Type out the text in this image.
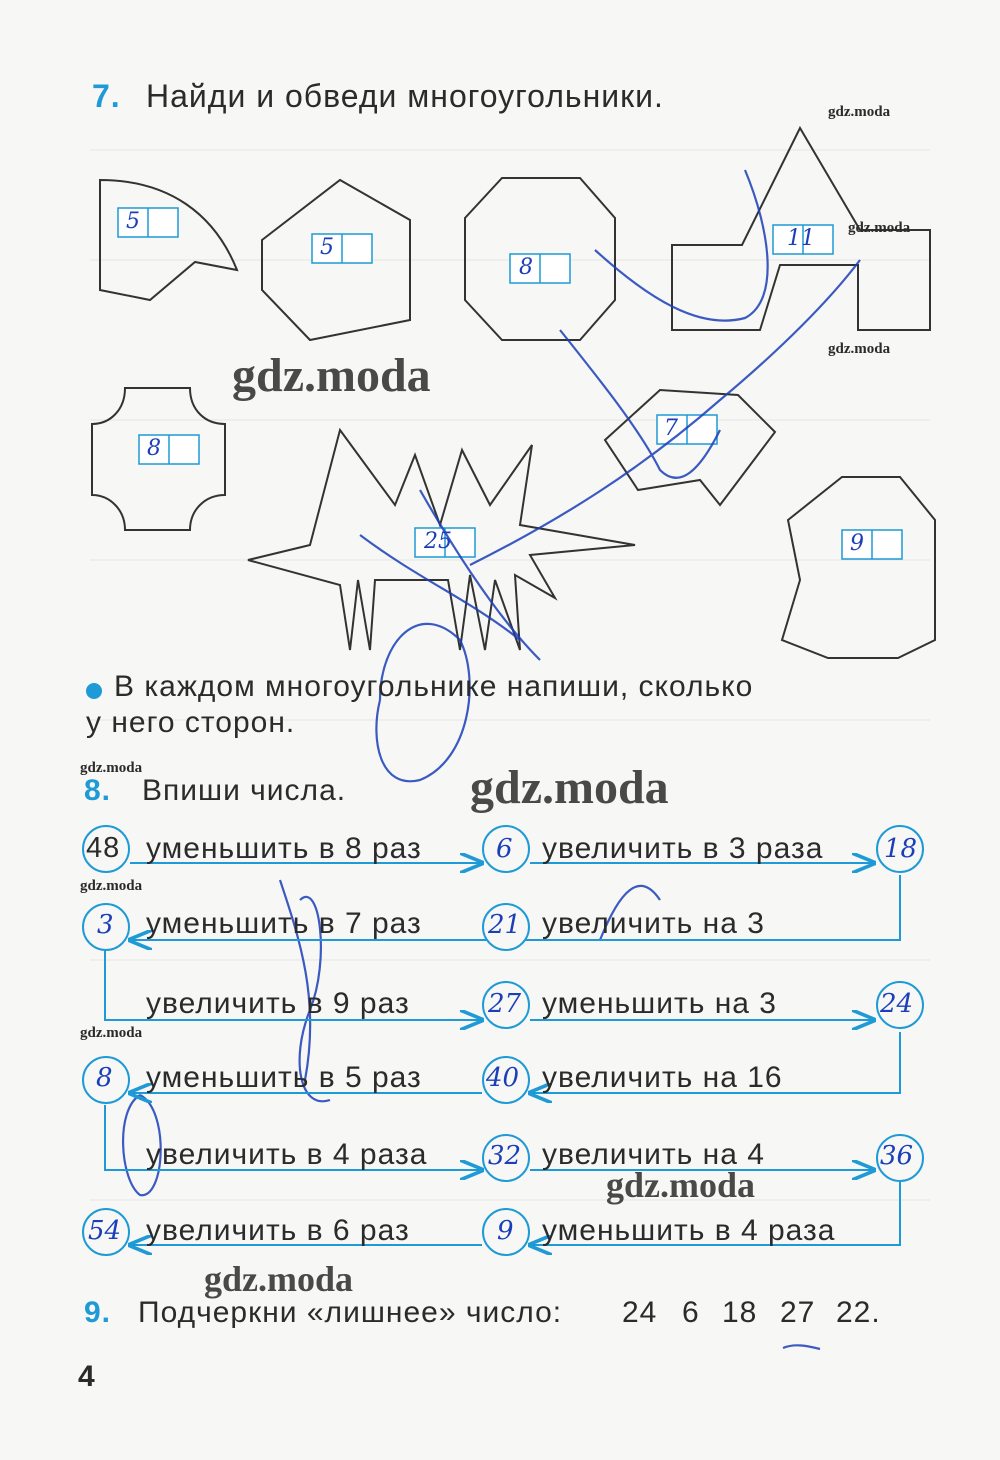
7. Найди и обведи многоугольники.
5
5
8
11
8
7
25	9
В каждом многоугольнике напиши, сколько
у него сторон.
8. Впиши числа.
48 уменьшить в 8 раз	6 увеличить в 3 раза 18
3 уменьшить в 7 раз	21 увеличить на 3
увеличить в 9 раз	27 уменьшить на 3	24
8 уменьшить в 5 раз 40 увеличить на 16
увеличить в 4 раза 32 увеличить на 4	36
54 увеличить в 6 раз	9 уменьшить в 4 раза
9. Подчеркни «лишнее» число: 24 6 18 27 22.
4
gdz.moda
gdz.moda
gdz.moda
gdz.moda
gdz.moda
gdz.moda
gdz.moda
gdz.moda
gdz.moda
gdz.moda
